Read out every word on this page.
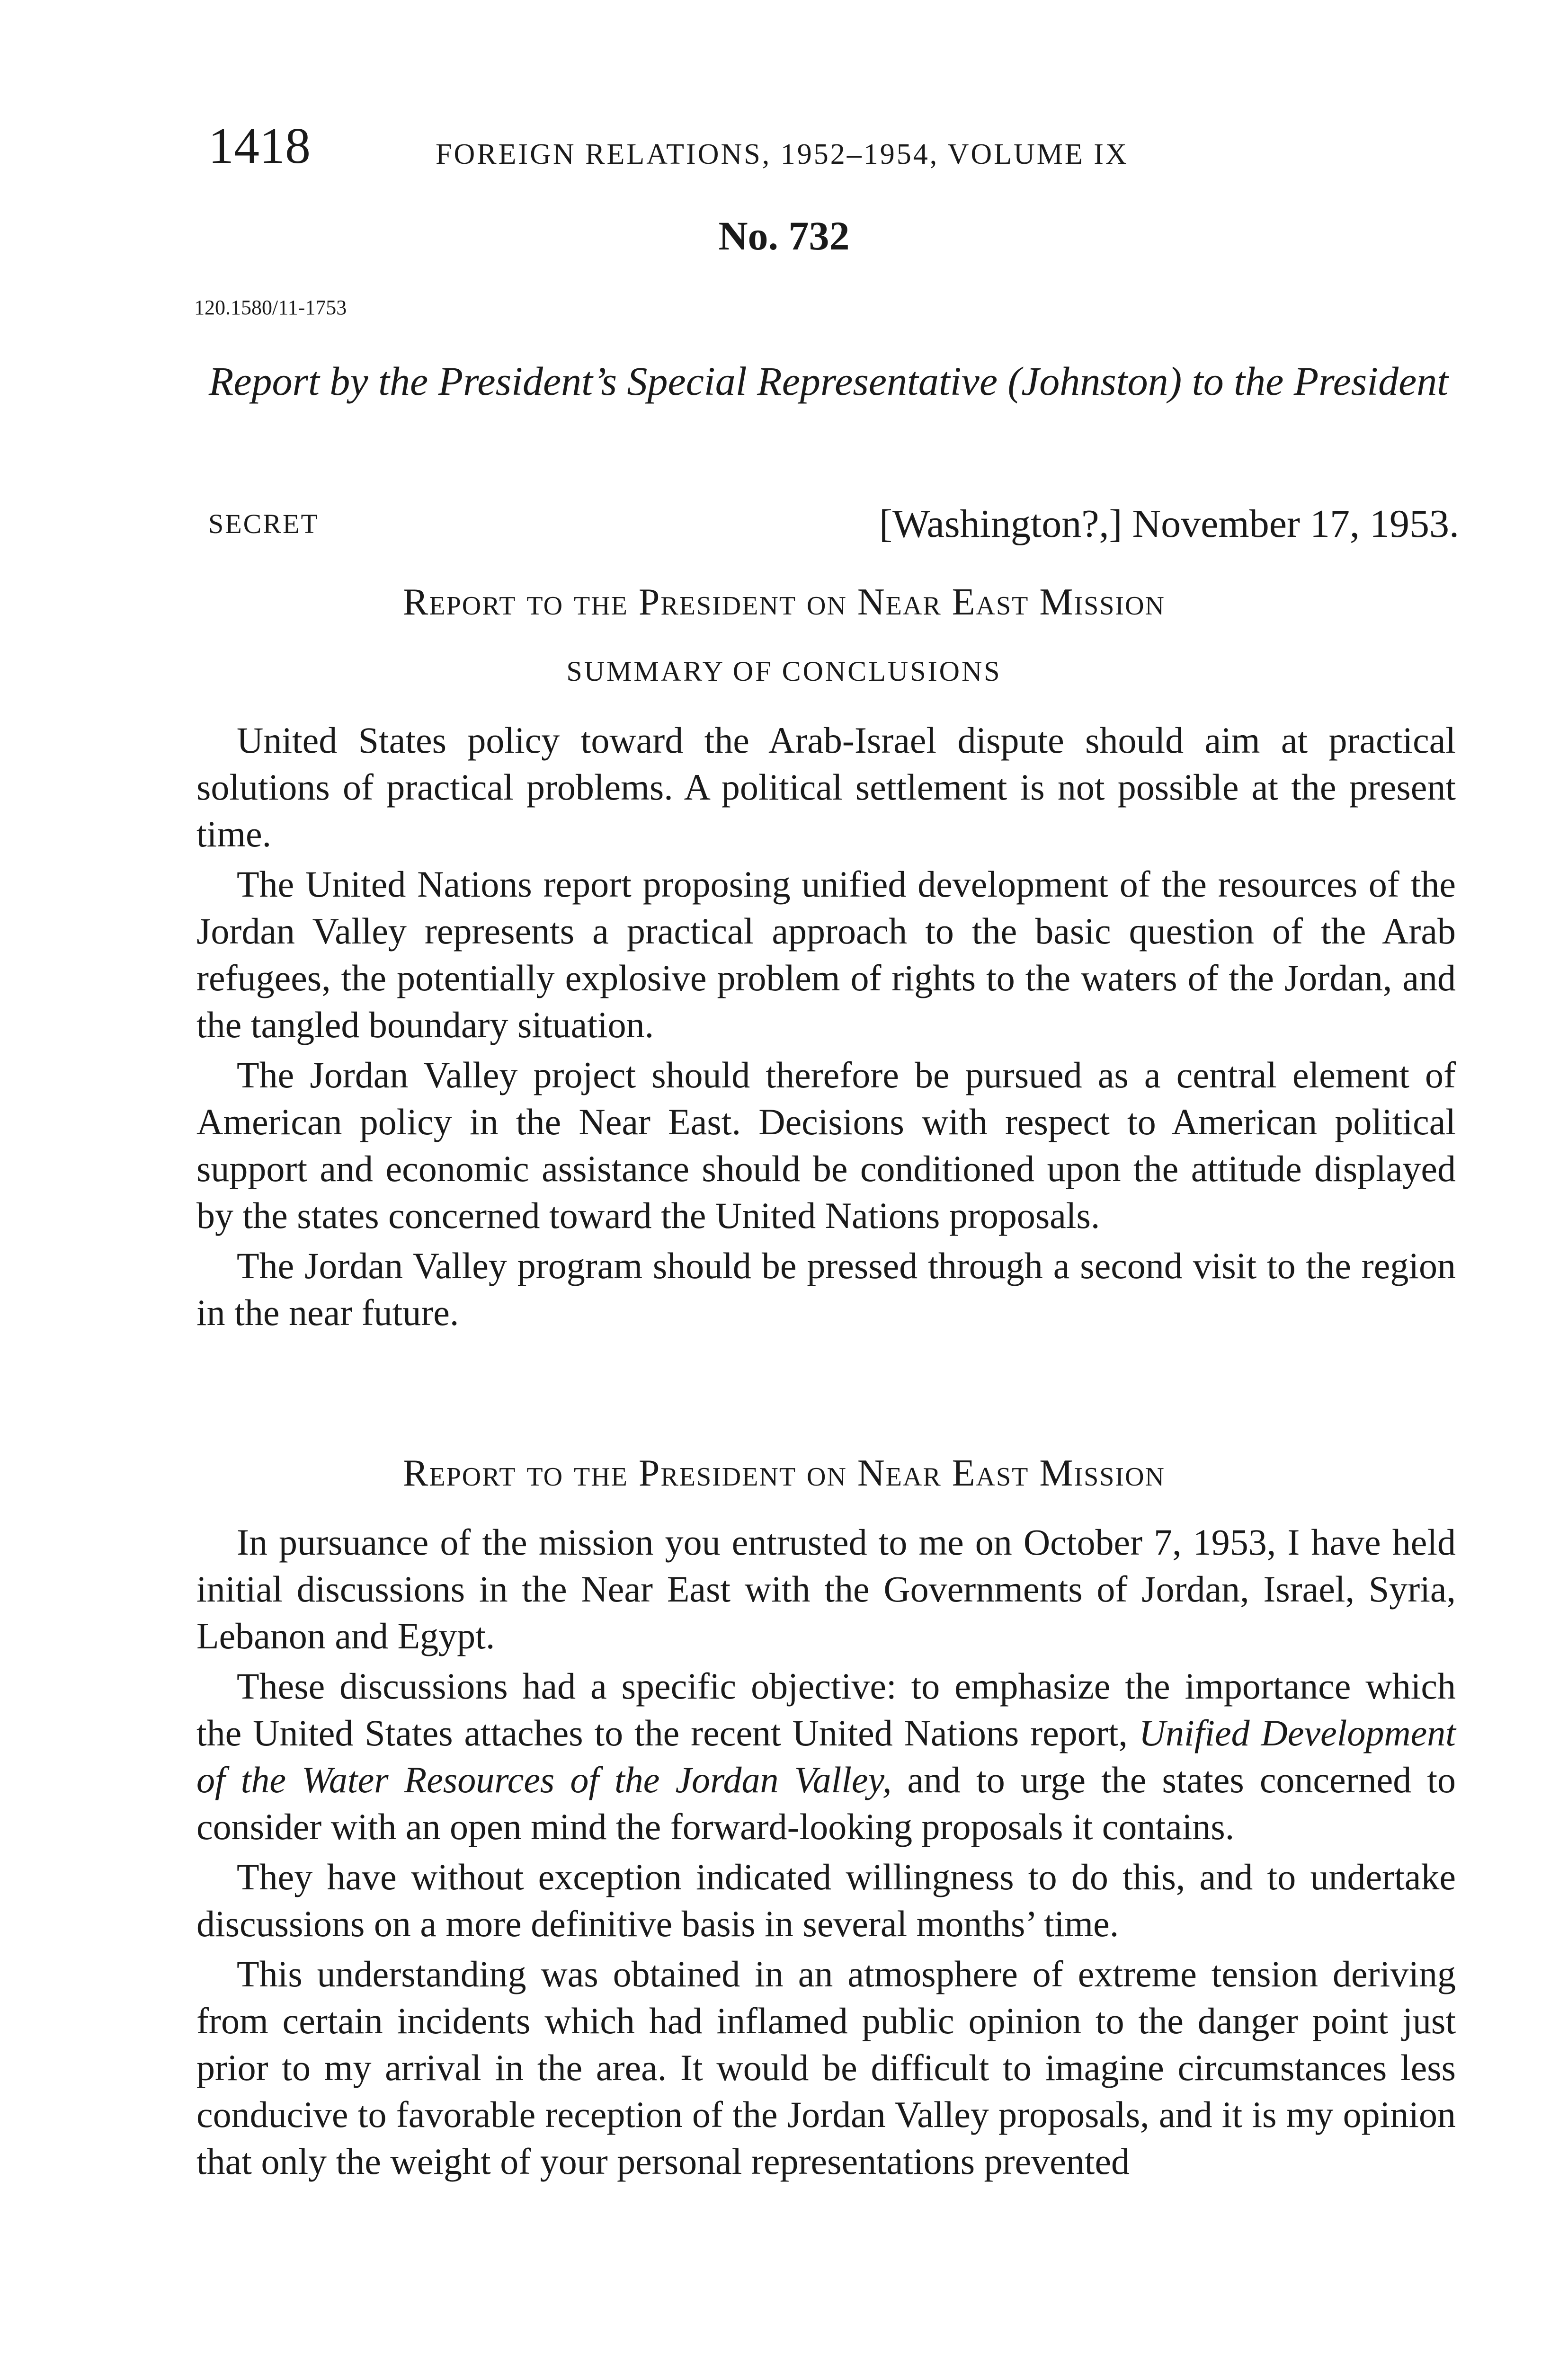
1418	FOREIGN RELATIONS, 1952–1954, VOLUME IX
No. 732
120.1580/11-1753
Report by the President’s Special Representative (Johnston) to the President
SECRET	[Washington?,] November 17, 1953.
Report to the President on Near East Mission
SUMMARY OF CONCLUSIONS

United States policy toward the Arab-Israel dispute should aim at practical solutions of practical problems. A political settlement is not possible at the present time.

The United Nations report proposing unified development of the resources of the Jordan Valley represents a practical approach to the basic question of the Arab refugees, the potentially explosive problem of rights to the waters of the Jordan, and the tangled boundary situation.

The Jordan Valley project should therefore be pursued as a central element of American policy in the Near East. Decisions with respect to American political support and economic assistance should be conditioned upon the attitude displayed by the states concerned toward the United Nations proposals.

The Jordan Valley program should be pressed through a second visit to the region in the near future.

Report to the President on Near East Mission

In pursuance of the mission you entrusted to me on October 7, 1953, I have held initial discussions in the Near East with the Governments of Jordan, Israel, Syria, Lebanon and Egypt.

These discussions had a specific objective: to emphasize the importance which the United States attaches to the recent United Nations report, Unified Development of the Water Resources of the Jordan Valley, and to urge the states concerned to consider with an open mind the forward-looking proposals it contains.

They have without exception indicated willingness to do this, and to undertake discussions on a more definitive basis in several months’ time.

This understanding was obtained in an atmosphere of extreme tension deriving from certain incidents which had inflamed public opinion to the danger point just prior to my arrival in the area. It would be difficult to imagine circumstances less conducive to favorable reception of the Jordan Valley proposals, and it is my opinion that only the weight of your personal representations prevented
